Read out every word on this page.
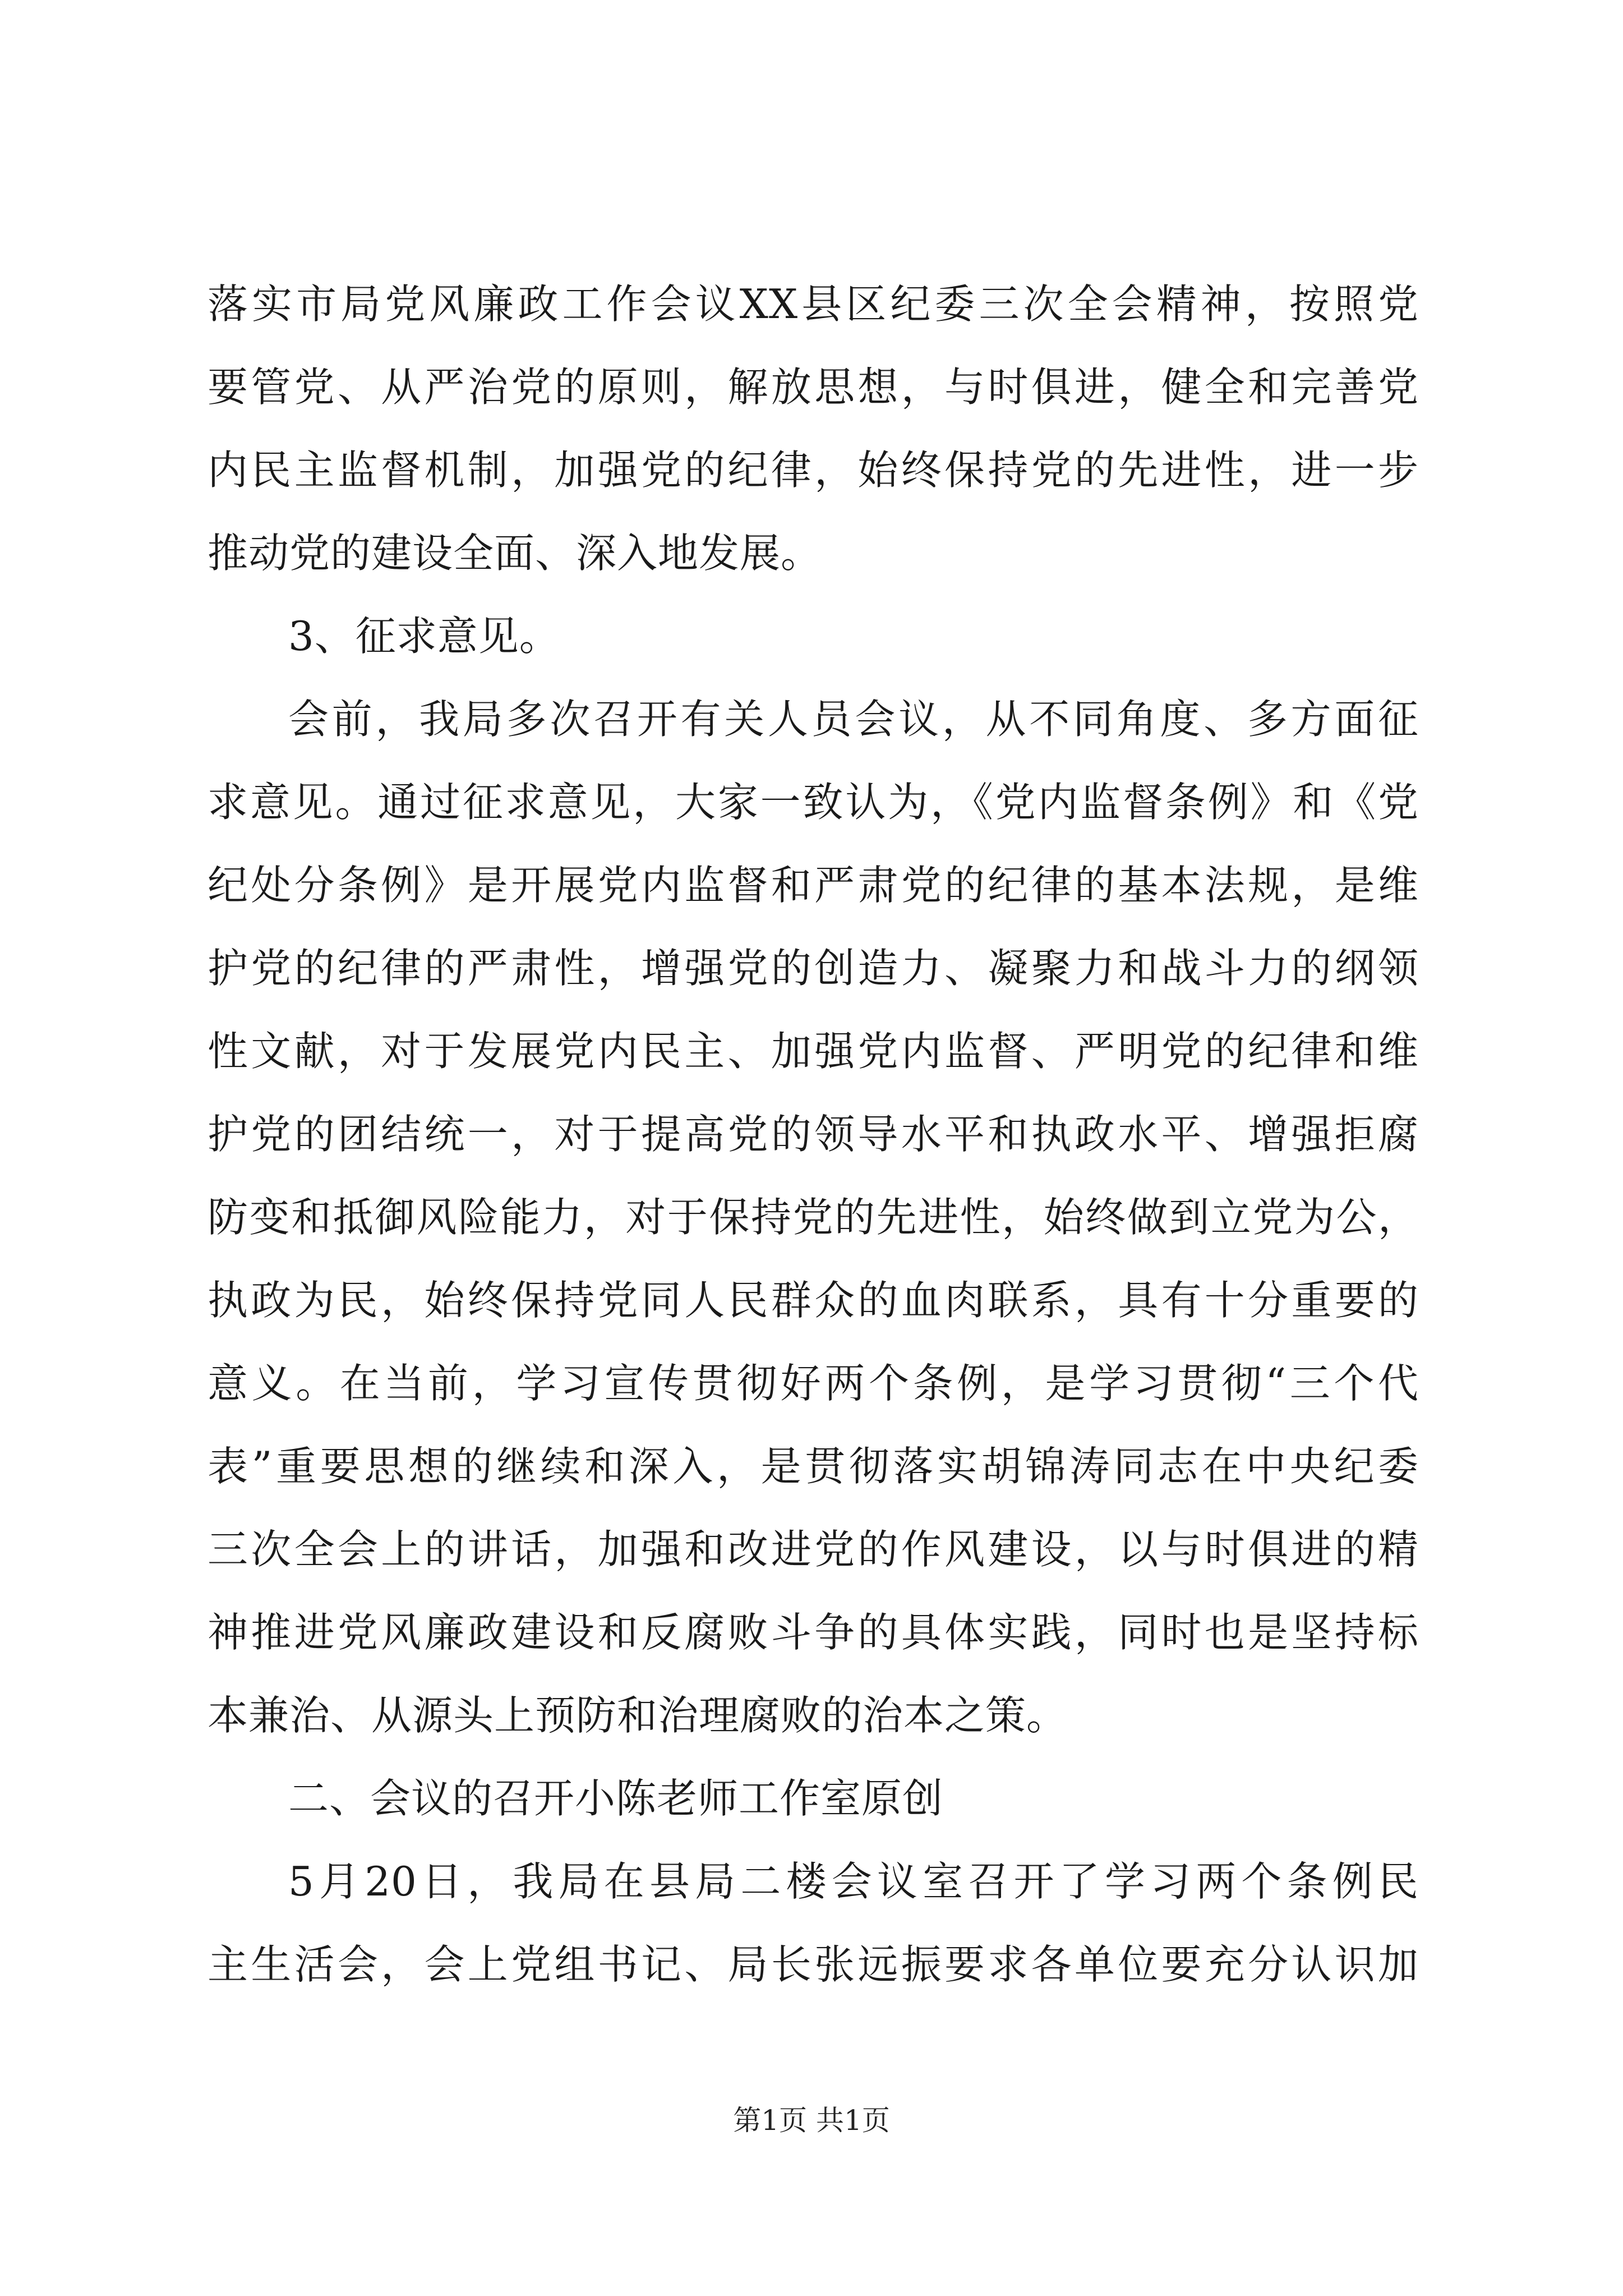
落实市局党风廉政工作会议XX县区纪委三次全会精神，按照党
要管党、从严治党的原则，解放思想，与时俱进，健全和完善党
内民主监督机制，加强党的纪律，始终保持党的先进性，进一步
推动党的建设全面、深入地发展。
3、征求意见。
会前，我局多次召开有关人员会议，从不同角度、多方面征
求意见。通过征求意见，大家一致认为，《党内监督条例》和《党
纪处分条例》是开展党内监督和严肃党的纪律的基本法规，是维
护党的纪律的严肃性，增强党的创造力、凝聚力和战斗力的纲领
性文献，对于发展党内民主、加强党内监督、严明党的纪律和维
护党的团结统一，对于提高党的领导水平和执政水平、增强拒腐
防变和抵御风险能力，对于保持党的先进性，始终做到立党为公，
执政为民，始终保持党同人民群众的血肉联系，具有十分重要的
意义。在当前，学习宣传贯彻好两个条例，是学习贯彻“三个代
表”重要思想的继续和深入，是贯彻落实胡锦涛同志在中央纪委
三次全会上的讲话，加强和改进党的作风建设，以与时俱进的精
神推进党风廉政建设和反腐败斗争的具体实践，同时也是坚持标
本兼治、从源头上预防和治理腐败的治本之策。
二、会议的召开小陈老师工作室原创
5月20日，我局在县局二楼会议室召开了学习两个条例民
主生活会，会上党组书记、局长张远振要求各单位要充分认识加
第1页 共1页
